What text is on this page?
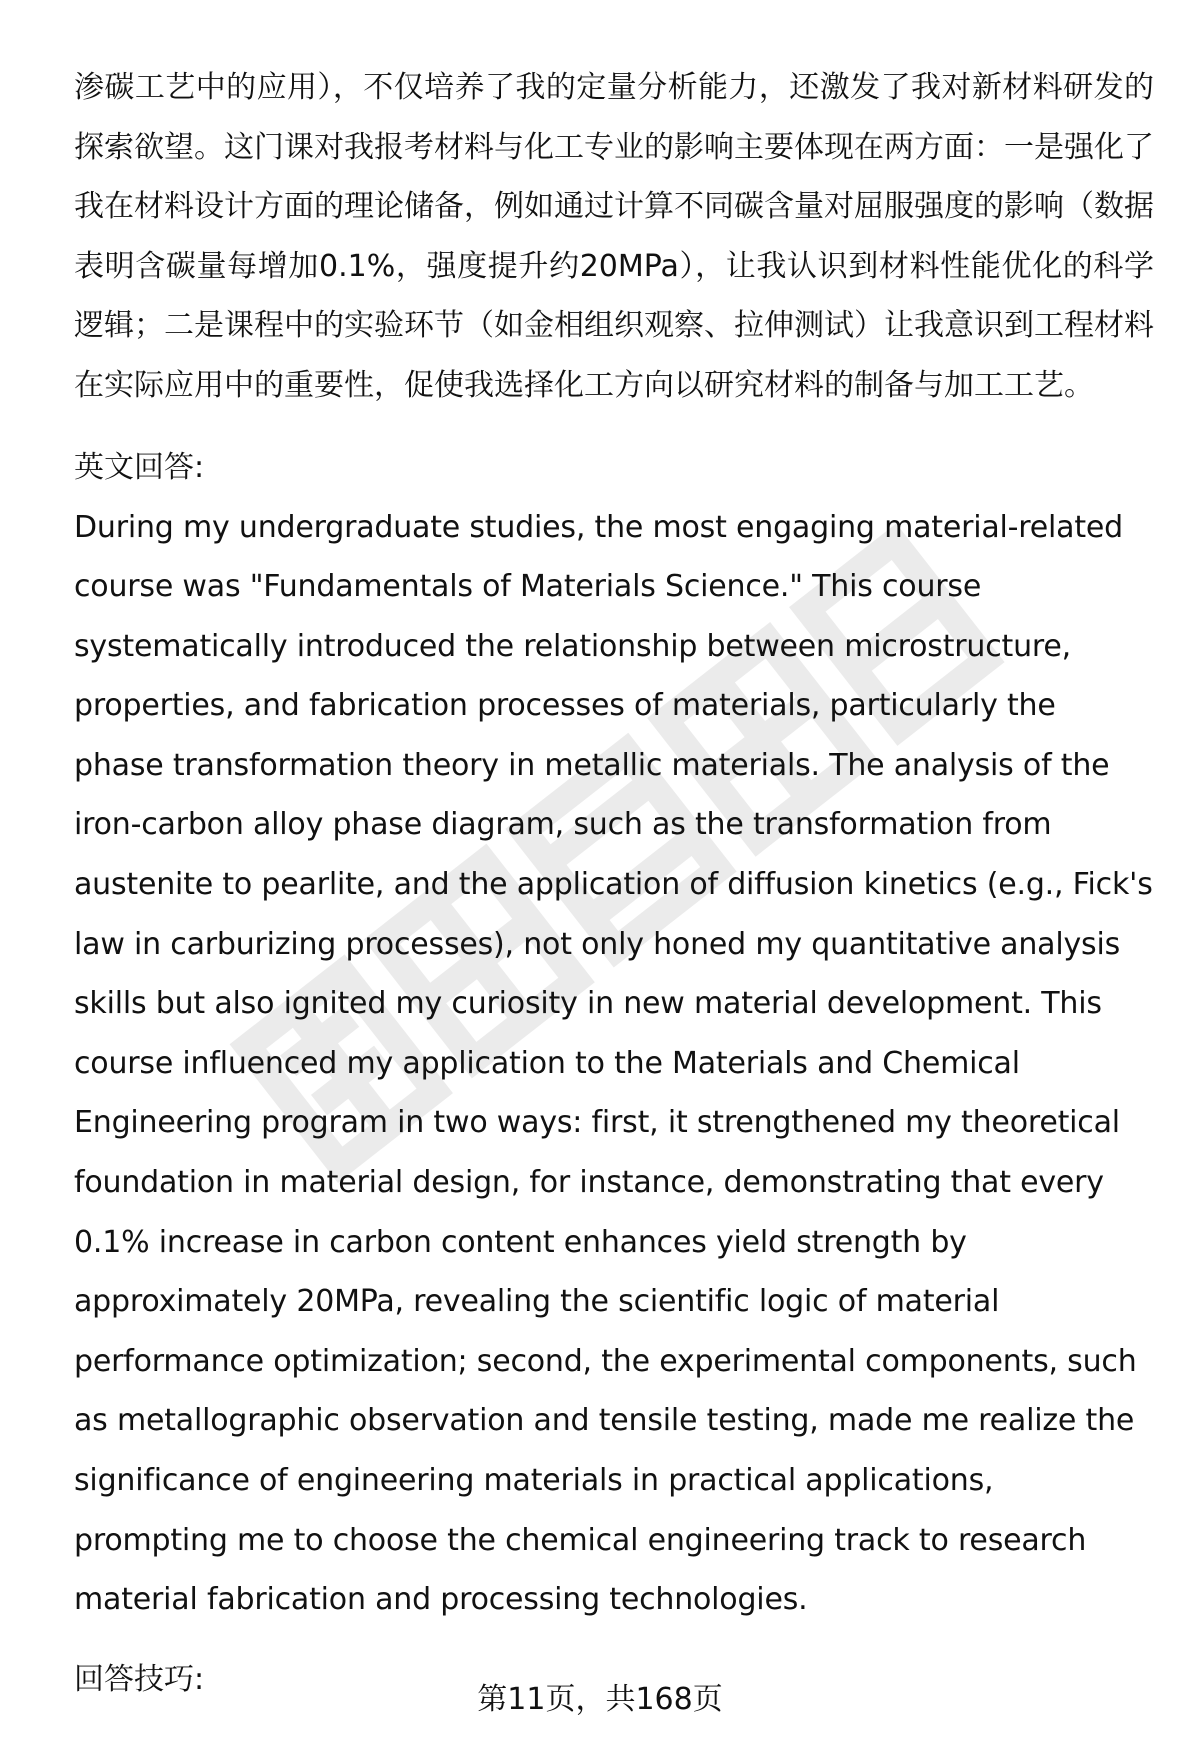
渗碳工艺中的应用），不仅培养了我的定量分析能力，还激发了我对新材料研发的探索欲望。这门课对我报考材料与化工专业的影响主要体现在两方面：一是强化了我在材料设计方面的理论储备，例如通过计算不同碳含量对屈服强度的影响（数据表明含碳量每增加0.1%，强度提升约20MPa），让我认识到材料性能优化的科学逻辑；二是课程中的实验环节（如金相组织观察、拉伸测试）让我意识到工程材料在实际应用中的重要性，促使我选择化工方向以研究材料的制备与加工工艺。

英文回答:

During my undergraduate studies, the most engaging material-related course was "Fundamentals of Materials Science." This course systematically introduced the relationship between microstructure, properties, and fabrication processes of materials, particularly the phase transformation theory in metallic materials. The analysis of the iron-carbon alloy phase diagram, such as the transformation from austenite to pearlite, and the application of diffusion kinetics (e.g., Fick's law in carburizing processes), not only honed my quantitative analysis skills but also ignited my curiosity in new material development. This course influenced my application to the Materials and Chemical Engineering program in two ways: first, it strengthened my theoretical foundation in material design, for instance, demonstrating that every 0.1% increase in carbon content enhances yield strength by approximately 20MPa, revealing the scientific logic of material performance optimization; second, the experimental components, such as metallographic observation and tensile testing, made me realize the significance of engineering materials in practical applications, prompting me to choose the chemical engineering track to research material fabrication and processing technologies.

回答技巧:

第11页，共168页
